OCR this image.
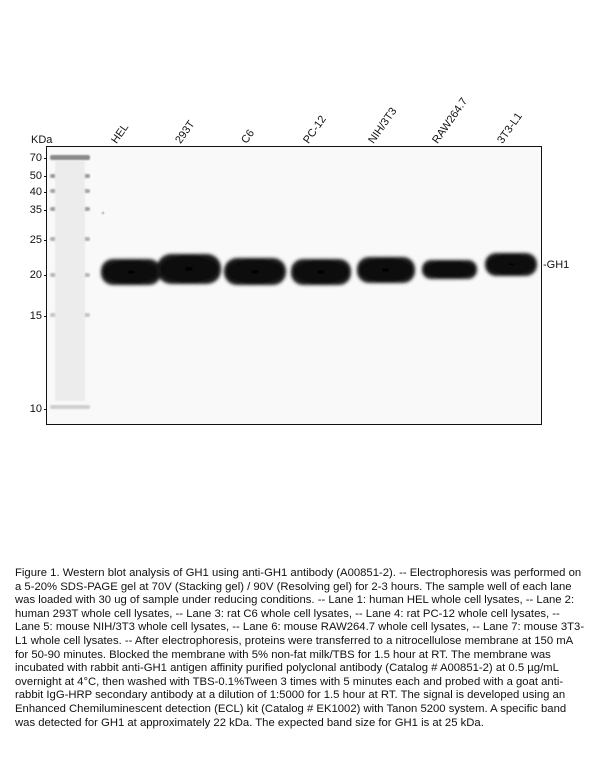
HEL	293T	C6	PC-12	NIH/3T3	RAW264.7 3T3-L1
KDa
70
50
40
35
25
20
15
10
-GH1
Figure 1. Western blot analysis of GH1 using anti-GH1 antibody (A00851-2). -- Electrophoresis was performed on a 5-20% SDS-PAGE gel at 70V (Stacking gel) / 90V (Resolving gel) for 2-3 hours. The sample well of each lane was loaded with 30 ug of sample under reducing conditions. -- Lane 1: human HEL whole cell lysates, -- Lane 2: human 293T whole cell lysates, -- Lane 3: rat C6 whole cell lysates, -- Lane 4: rat PC-12 whole cell lysates, -- Lane 5: mouse NIH/3T3 whole cell lysates, -- Lane 6: mouse RAW264.7 whole cell lysates, -- Lane 7: mouse 3T3-L1 whole cell lysates. -- After electrophoresis, proteins were transferred to a nitrocellulose membrane at 150 mA for 50-90 minutes. Blocked the membrane with 5% non-fat milk/TBS for 1.5 hour at RT. The membrane was incubated with rabbit anti-GH1 antigen affinity purified polyclonal antibody (Catalog # A00851-2) at 0.5 µg/mL overnight at 4°C, then washed with TBS-0.1%Tween 3 times with 5 minutes each and probed with a goat anti-rabbit IgG-HRP secondary antibody at a dilution of 1:5000 for 1.5 hour at RT. The signal is developed using an Enhanced Chemiluminescent detection (ECL) kit (Catalog # EK1002) with Tanon 5200 system. A specific band was detected for GH1 at approximately 22 kDa. The expected band size for GH1 is at 25 kDa.
